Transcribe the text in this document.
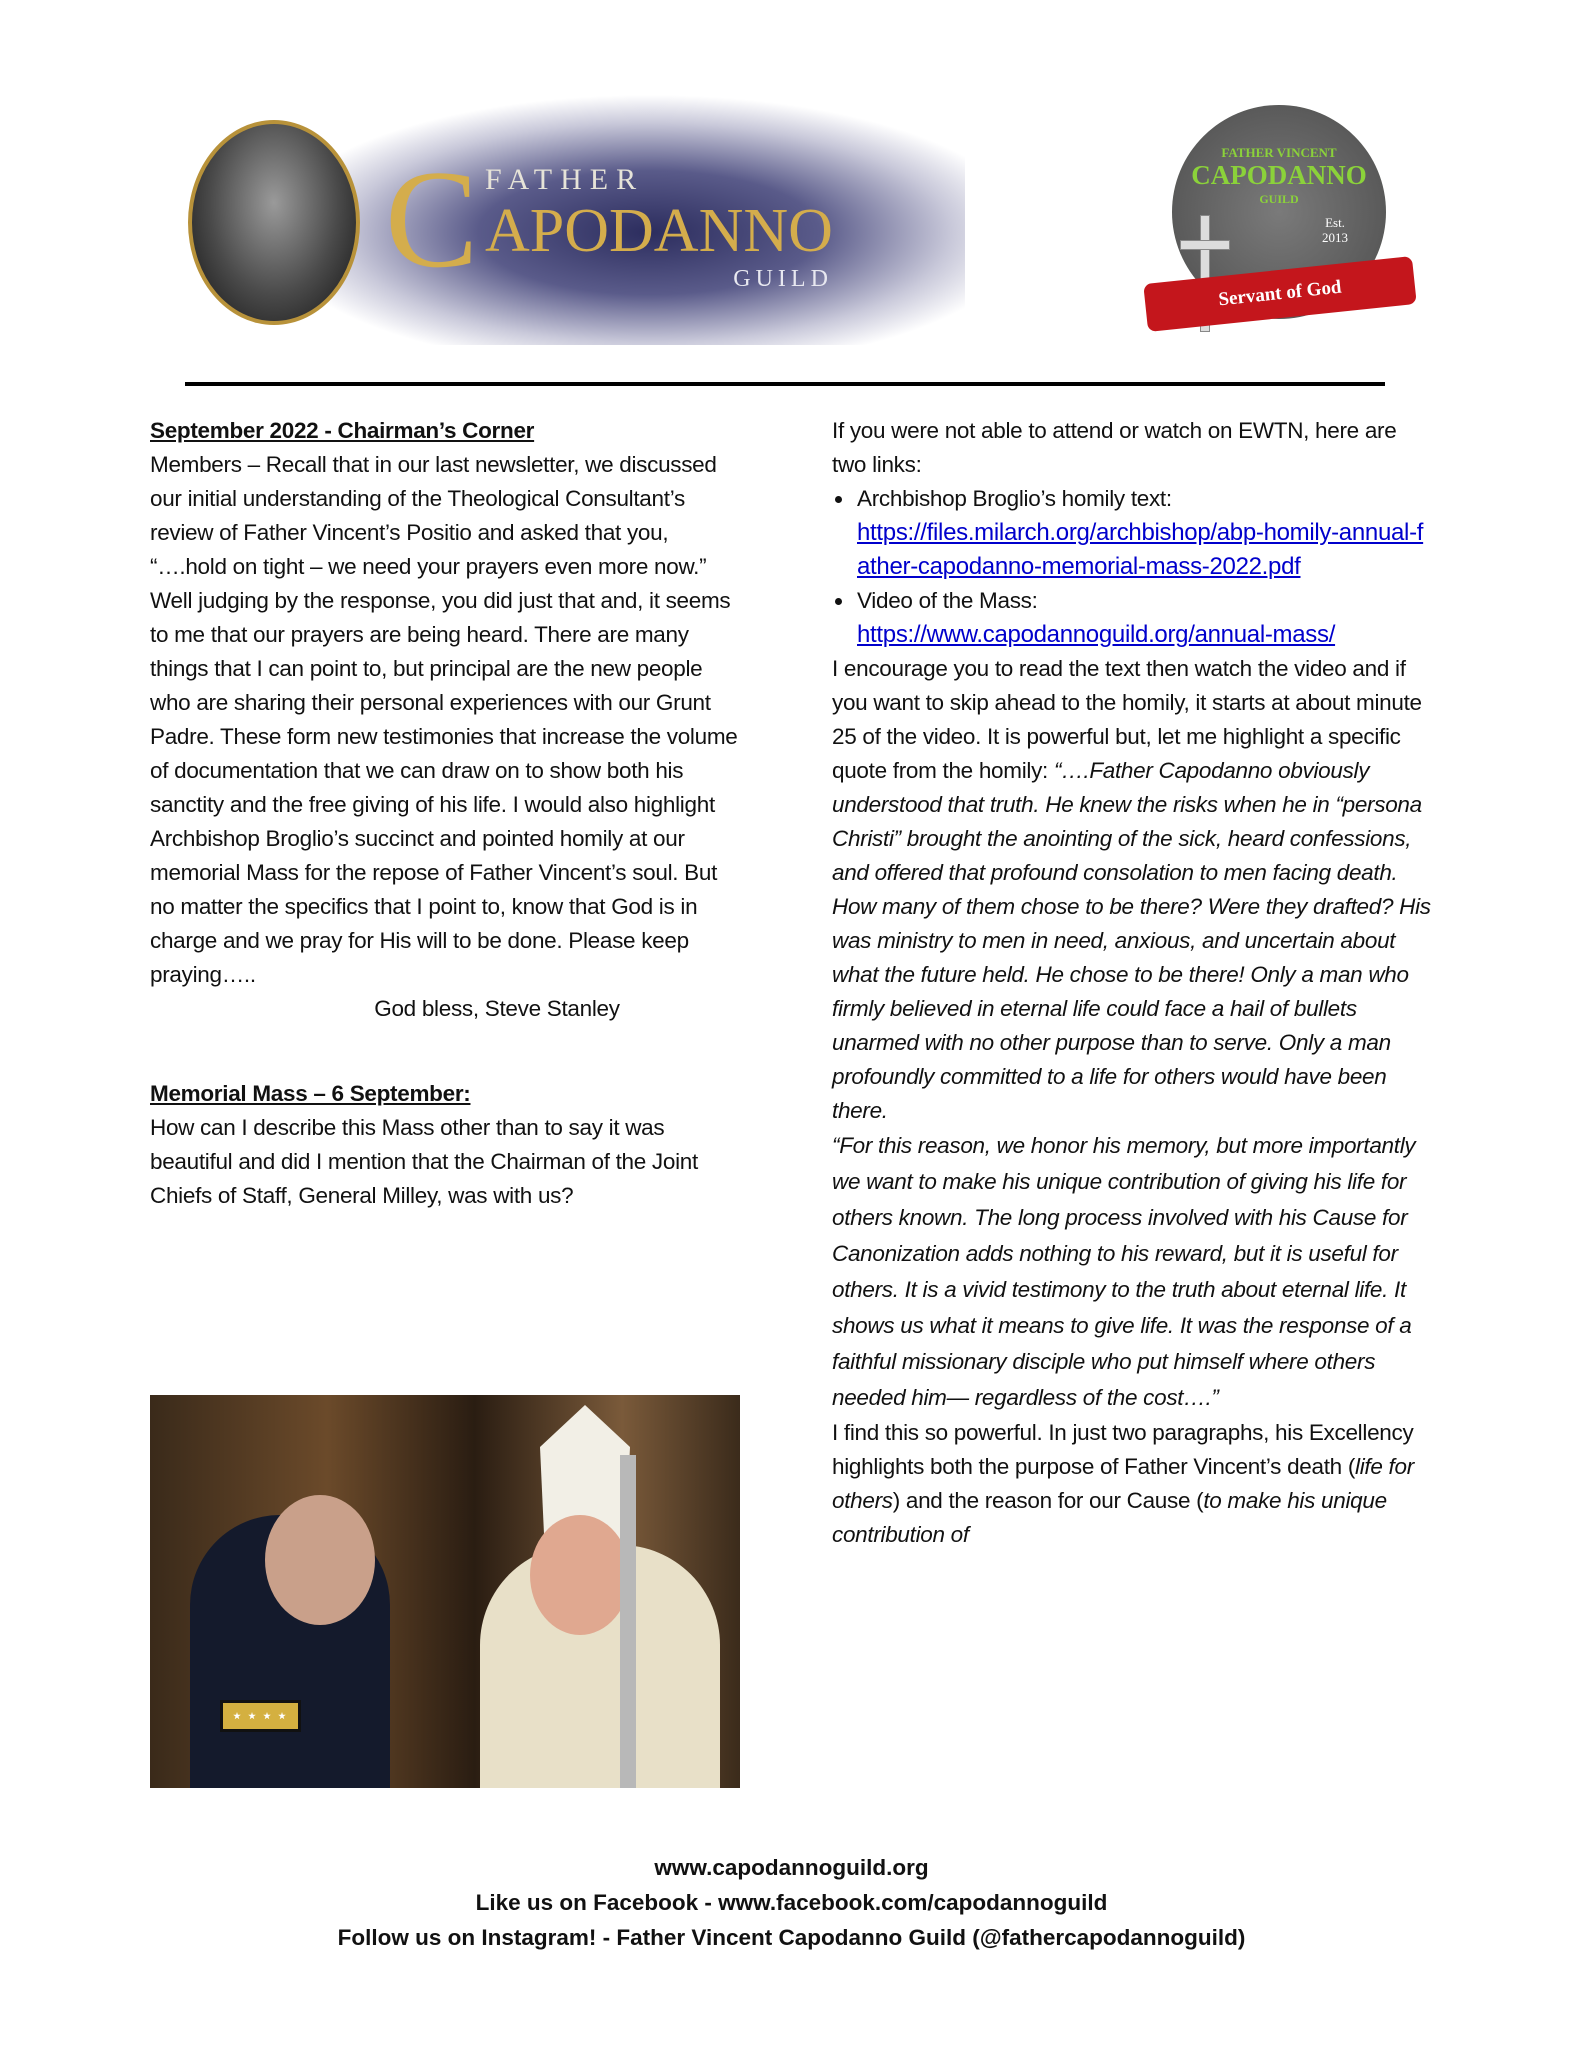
C FATHER
APODANNO
GUILD
FATHER VINCENT
CAPODANNO
GUILD
Est.
2013
Servant of God
September 2022 - Chairman’s Corner

Members – Recall that in our last newsletter, we discussed our initial understanding of the Theological Consultant’s review of Father Vincent’s Positio and asked that you, “….hold on tight – we need your prayers even more now.” Well judging by the response, you did just that and, it seems to me that our prayers are being heard. There are many things that I can point to, but principal are the new people who are sharing their personal experiences with our Grunt Padre. These form new testimonies that increase the volume of documentation that we can draw on to show both his sanctity and the free giving of his life. I would also highlight Archbishop Broglio’s succinct and pointed homily at our memorial Mass for the repose of Father Vincent’s soul. But no matter the specifics that I point to, know that God is in charge and we pray for His will to be done. Please keep praying…..

God bless, Steve Stanley

Memorial Mass – 6 September:

How can I describe this Mass other than to say it was beautiful and did I mention that the Chairman of the Joint Chiefs of Staff, General Milley, was with us?

If you were not able to attend or watch on EWTN, here are two links:

• Archbishop Broglio’s homily text:
https://files.milarch.org/archbishop/abp-homily-annual-father-capodanno-memorial-mass-2022.pdf
• Video of the Mass:
https://www.capodannoguild.org/annual-mass/

I encourage you to read the text then watch the video and if you want to skip ahead to the homily, it starts at about minute 25 of the video. It is powerful but, let me highlight a specific quote from the homily: “….Father Capodanno obviously understood that truth. He knew the risks when he in “persona Christi” brought the anointing of the sick, heard confessions, and offered that profound consolation to men facing death. How many of them chose to be there? Were they drafted? His was ministry to men in need, anxious, and uncertain about what the future held. He chose to be there! Only a man who firmly believed in eternal life could face a hail of bullets unarmed with no other purpose than to serve. Only a man profoundly committed to a life for others would have been there.

“For this reason, we honor his memory, but more importantly we want to make his unique contribution of giving his life for others known. The long process involved with his Cause for Canonization adds nothing to his reward, but it is useful for others. It is a vivid testimony to the truth about eternal life. It shows us what it means to give life. It was the response of a faithful missionary disciple who put himself where others needed him— regardless of the cost….”

I find this so powerful. In just two paragraphs, his Excellency highlights both the purpose of Father Vincent’s death (life for others) and the reason for our Cause (to make his unique contribution of

www.capodannoguild.org
Like us on Facebook - www.facebook.com/capodannoguild
Follow us on Instagram! - Father Vincent Capodanno Guild (@fathercapodannoguild)
